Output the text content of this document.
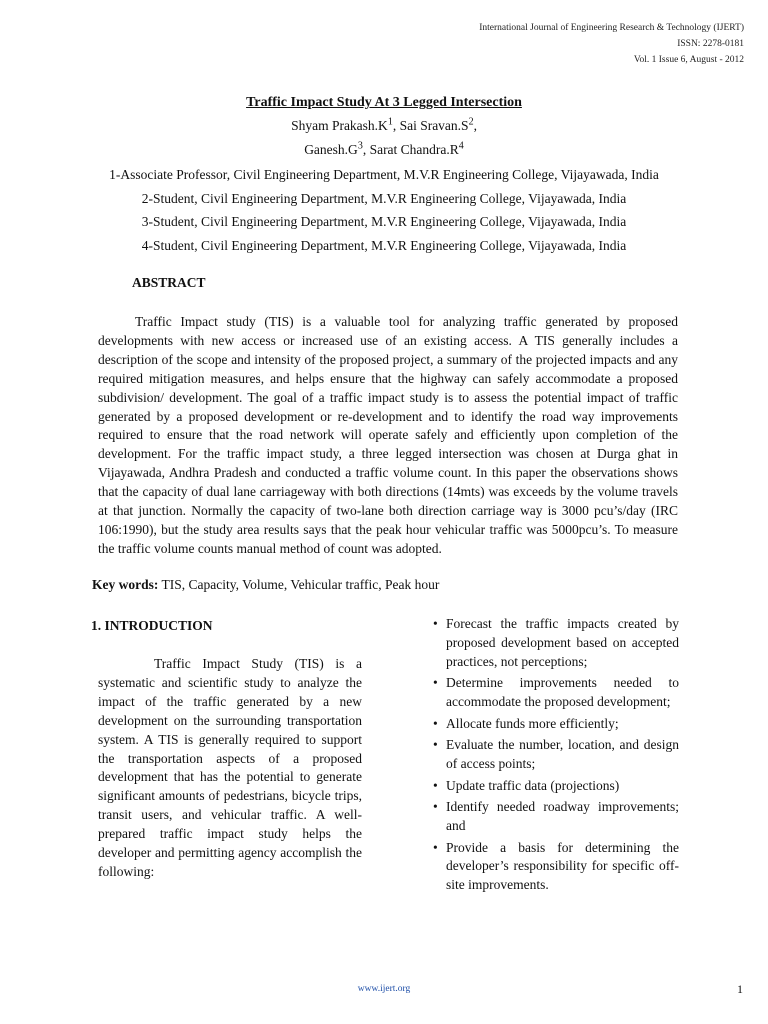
International Journal of Engineering Research & Technology (IJERT)
ISSN: 2278-0181
Vol. 1 Issue 6, August - 2012
Traffic Impact Study At 3 Legged Intersection
Shyam $Prakash.K^1$, Sai $Sravan.S^2$,
$Ganesh.G^3$, Sarat $Chandra.R^4$
1-Associate Professor, Civil Engineering Department, M.V.R Engineering College, Vijayawada, India
2-Student, Civil Engineering Department, M.V.R Engineering College, Vijayawada, India
3-Student, Civil Engineering Department, M.V.R Engineering College, Vijayawada, India
4-Student, Civil Engineering Department, M.V.R Engineering College, Vijayawada, India
ABSTRACT
Traffic Impact study (TIS) is a valuable tool for analyzing traffic generated by proposed developments with new access or increased use of an existing access. A TIS generally includes a description of the scope and intensity of the proposed project, a summary of the projected impacts and any required mitigation measures, and helps ensure that the highway can safely accommodate a proposed subdivision/ development. The goal of a traffic impact study is to assess the potential impact of traffic generated by a proposed development or re-development and to identify the road way improvements required to ensure that the road network will operate safely and efficiently upon completion of the development. For the traffic impact study, a three legged intersection was chosen at Durga ghat in Vijayawada, Andhra Pradesh and conducted a traffic volume count. In this paper the observations shows that the capacity of dual lane carriageway with both directions (14mts) was exceeds by the volume travels at that junction. Normally the capacity of two-lane both direction carriage way is 3000 pcu’s/day (IRC 106:1990), but the study area results says that the peak hour vehicular traffic was 5000pcu’s. To measure the traffic volume counts manual method of count was adopted.
Key words: TIS, Capacity, Volume, Vehicular traffic, Peak hour
1. INTRODUCTION
Traffic Impact Study (TIS) is a systematic and scientific study to analyze the impact of the traffic generated by a new development on the surrounding transportation system. A TIS is generally required to support the transportation aspects of a proposed development that has the potential to generate significant amounts of pedestrians, bicycle trips, transit users, and vehicular traffic. A well-prepared traffic impact study helps the developer and permitting agency accomplish the following:
• Forecast the traffic impacts created by proposed development based on accepted practices, not perceptions;
• Determine improvements needed to accommodate the proposed development;
• Allocate funds more efficiently;
• Evaluate the number, location, and design of access points;
• Update traffic data (projections)
• Identify needed roadway improvements; and
• Provide a basis for determining the developer’s responsibility for specific off-site improvements.
www.ijert.org	1
